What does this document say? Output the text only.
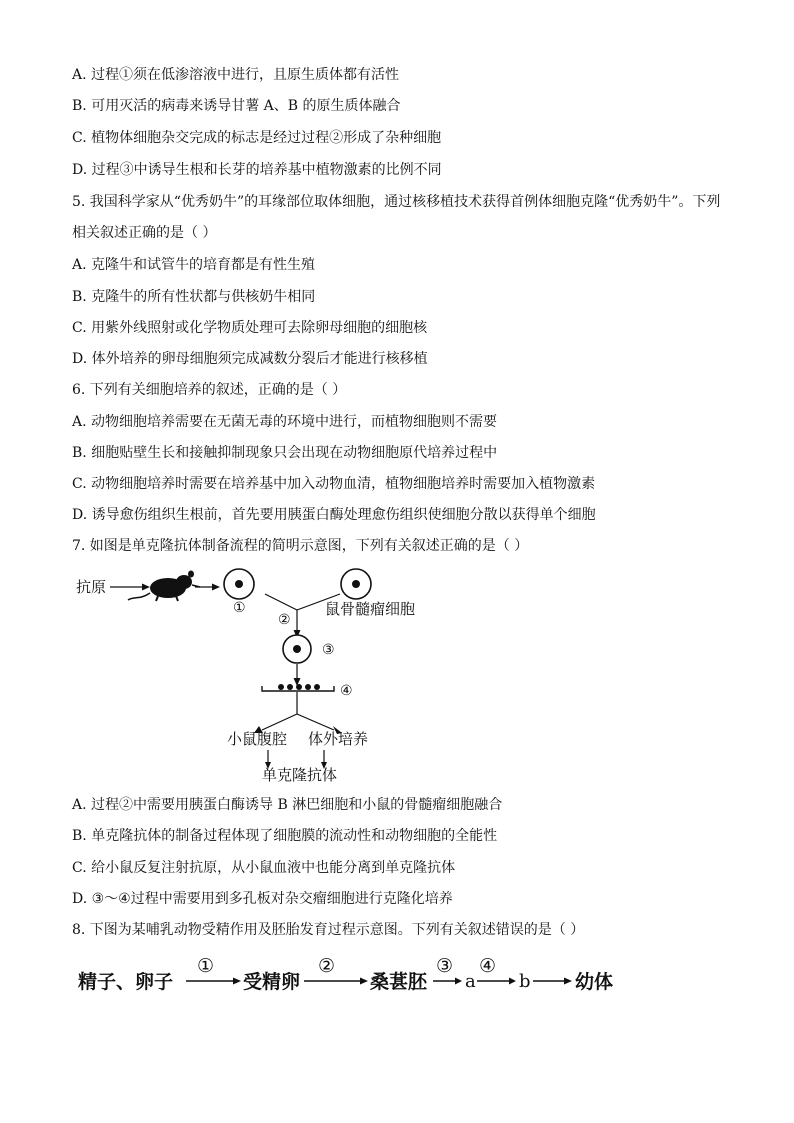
A. 过程①须在低渗溶液中进行，且原生质体都有活性
B. 可用灭活的病毒来诱导甘薯 A、B 的原生质体融合
C. 植物体细胞杂交完成的标志是经过过程②形成了杂种细胞
D. 过程③中诱导生根和长芽的培养基中植物激素的比例不同
5. 我国科学家从“优秀奶牛”的耳缘部位取体细胞，通过核移植技术获得首例体细胞克隆“优秀奶牛”。下列
相关叙述正确的是（ ）
A. 克隆牛和试管牛的培育都是有性生殖
B. 克隆牛的所有性状都与供核奶牛相同
C. 用紫外线照射或化学物质处理可去除卵母细胞的细胞核
D. 体外培养的卵母细胞须完成减数分裂后才能进行核移植
6. 下列有关细胞培养的叙述，正确的是（ ）
A. 动物细胞培养需要在无菌无毒的环境中进行，而植物细胞则不需要
B. 细胞贴壁生长和接触抑制现象只会出现在动物细胞原代培养过程中
C. 动物细胞培养时需要在培养基中加入动物血清，植物细胞培养时需要加入植物激素
D. 诱导愈伤组织生根前，首先要用胰蛋白酶处理愈伤组织使细胞分散以获得单个细胞
7. 如图是单克隆抗体制备流程的简明示意图，下列有关叙述正确的是（ ）
抗原
①	鼠骨髓瘤细胞
②
③
④
小鼠腹腔 体外培养
单克隆抗体
A. 过程②中需要用胰蛋白酶诱导 B 淋巴细胞和小鼠的骨髓瘤细胞融合
B. 单克隆抗体的制备过程体现了细胞膜的流动性和动物细胞的全能性
C. 给小鼠反复注射抗原，从小鼠血液中也能分离到单克隆抗体
D. ③～④过程中需要用到多孔板对杂交瘤细胞进行克隆化培养
8. 下图为某哺乳动物受精作用及胚胎发育过程示意图。下列有关叙述错误的是（ ）
精子、卵子
①
受精卵
②
桑葚胚
③
a
④
b 幼体
